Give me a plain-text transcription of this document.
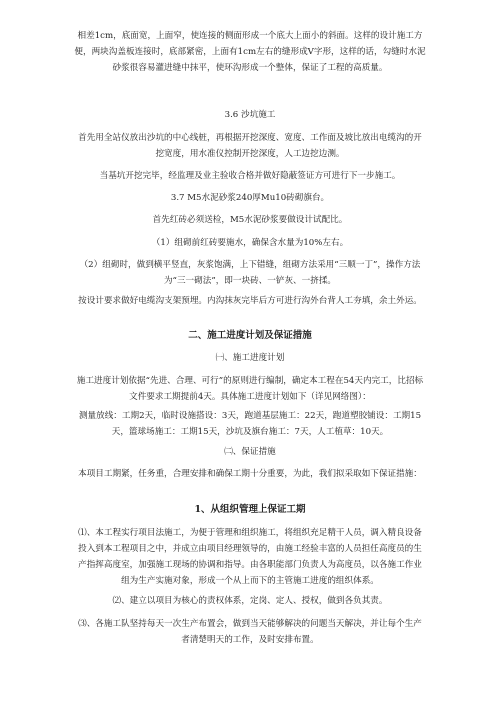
相差1cm，底面宽，上面窄，使连接的侧面形成一个底大上面小的斜面。这样的设计施工方便，两块沟盖板连接时，底部紧密，上面有1cm左右的缝形成V字形，这样的话，勾缝时水泥砂浆很容易灌进缝中抹平，使环沟形成一个整体，保证了工程的高质量。

3.6 沙坑施工

首先用全站仪放出沙坑的中心线桩，再根据开挖深度、宽度、工作面及坡比放出电缆沟的开挖宽度，用水准仪控制开挖深度，人工边挖边测。

当基坑开挖完毕，经监理及业主验收合格并做好隐蔽签证方可进行下一步施工。

3.7 M5水泥砂浆240厚Mu10砖砌旗台。

首先红砖必须送检，M5水泥砂浆要做设计试配比。

（1）组砌前红砖要施水，确保含水量为10%左右。

（2）组砌时，做到横平竖直，灰浆饱满，上下错缝，组砌方法采用“三顺一丁”，操作方法为“三一砌法”，即一块砖、一铲灰、一挤揉。

按设计要求做好电缆沟支架预埋。内沟抹灰完毕后方可进行沟外台背人工夯填，余土外运。

二、施工进度计划及保证措施

㈠、施工进度计划

施工进度计划依据“先进、合理、可行”的原则进行编制，确定本工程在54天内完工，比招标文件要求工期提前4天。具体施工进度计划如下（详见网络图）：

测量放线：工期2天，临时设施搭设：3天，跑道基层施工：22天，跑道塑胶铺设：工期15天，篮球场施工：工期15天，沙坑及旗台施工：7天，人工植草：10天。

㈡、保证措施

本项目工期紧，任务重，合理安排和确保工期十分重要，为此，我们拟采取如下保证措施：

1、从组织管理上保证工期

⑴、本工程实行项目法施工，为便于管理和组织施工，将组织充足精干人员，调入精良设备投入到本工程项目之中，并成立由项目经理领导的，由施工经验丰富的人员担任高度员的生产指挥高度室，加强施工现场的协调和指导。由各职能部门负责人为高度员，以各施工作业组为生产实施对象，形成一个从上而下的主管施工进度的组织体系。

⑵、建立以项目为核心的责权体系，定岗、定人、授权，做到各负其责。

⑶、各施工队坚持每天一次生产布置会，做到当天能够解决的问题当天解决，并让每个生产者清楚明天的工作，及时安排布置。
